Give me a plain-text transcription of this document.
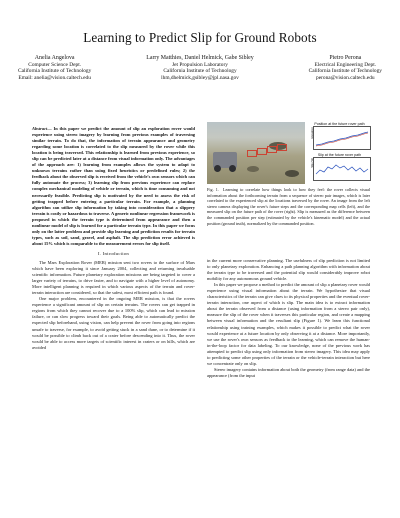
Learning to Predict Slip for Ground Robots
Anelia Angelova
Computer Science Dept.
California Institute of Technology
Email: anelia@vision.caltech.edu
Larry Matthies, Daniel Helmick, Gabe Sibley
Jet Propulsion Laboratory
California Institute of Technology
lhm,dhelmick,gsibley@jpl.nasa.gov
Pietro Perona
Electrical Engineering Dept.
California Institute of Technology
perona@vision.caltech.edu

Abstract— In this paper we predict the amount of slip an exploration rover would experience using stereo imagery by learning from previous examples of traversing similar terrain. To do that, the information of terrain appearance and geometry regarding some location is correlated to the slip measured by the rover while this location is being traversed. This relationship is learned from previous experience, so slip can be predicted later at a distance from visual information only. The advantages of the approach are: 1) learning from examples allows the system to adapt to unknown terrains rather than using fixed heuristics or predefined rules; 2) the feedback about the observed slip is received from the vehicle's own sensors which can fully automate the process; 3) learning slip from previous experience can replace complex mechanical modeling of vehicle or terrain, which is time consuming and not necessarily feasible. Predicting slip is motivated by the need to assess the risk of getting trapped before entering a particular terrain. For example, a planning algorithm can utilize slip information by taking into consideration that a slippery terrain is costly or hazardous to traverse. A generic nonlinear regression framework is proposed in which the terrain type is determined from appearance and then a nonlinear model of slip is learned for a particular terrain type. In this paper we focus only on the latter problem and provide slip learning and prediction results for terrain types, such as soil, sand, gravel, and asphalt. The slip prediction error achieved is about 15% which is comparable to the measurement errors for slip itself.

I. Introduction

The Mars Exploration Rover (MER) mission sent two rovers to the surface of Mars which have been exploring it since January 2004, collecting and returning invaluable scientific information. Future planetary exploration missions are being targeted to cover a larger variety of terrains, to drive faster, and to navigate with a higher level of autonomy. More intelligent planning is required in which various aspects of the terrain and rover-terrain interaction are considered, so that the safest, most efficient path is found.

One major problem, encountered in the ongoing MER mission, is that the rovers experience a significant amount of slip on certain terrains. The rovers can get trapped in regions from which they cannot recover due to a 100% slip, which can lead to mission failure, or can slow progress toward their goals. Being able to automatically predict the expected slip beforehand, using vision, can help prevent the rover from going into regions unsafe to traverse, for example, to avoid getting stuck in a sand dune, or to determine if it would be possible to climb back out of a crater before descending into it. Thus, the rover would be able to access more targets of scientific interest in craters or on hills, which are avoided

Position at the future rover path
Elevation
Slip at the future rover path
Slip (%)
Fig. 1. Learning to correlate how things look to how they feel: the rover collects visual information about the forthcoming terrain from a sequence of stereo pair images, which is later correlated to the experienced slip at the locations traversed by the rover. An image from the left stereo camera displaying the rover's future steps and the corresponding map cells (left), and the measured slip on the future path of the rover (right). Slip is measured as the difference between the commanded position per step (estimated by the vehicle's kinematic model) and the actual position (ground truth), normalized by the commanded position.

in the current more conservative planning. The usefulness of slip prediction is not limited to only planetary exploration. Enhancing a path planning algorithm with information about the terrain type to be traversed and the potential slip would considerably improve robot mobility for any autonomous ground vehicle.

In this paper we propose a method to predict the amount of slip a planetary rover would experience using visual information about the terrain. We hypothesize that visual characteristics of the terrain can give clues to its physical properties and the eventual rover-terrain interaction, one aspect of which is slip. The main idea is to extract information about the terrain observed from a distance (using information from a stereo pair only), measure the slip of the rover when it traverses this particular region, and create a mapping between visual information and the resultant slip (Figure 1). We learn this functional relationship using training examples, which makes it possible to predict what the rover would experience at a future location by only observing it at a distance. More importantly, we use the rover's own sensors as feedback to the learning, which can remove the human-in-the-loop factor for data labeling. To our knowledge, none of the previous work has attempted to predict slip using only information from stereo imagery. This idea may apply to predicting some other properties of the terrain or the vehicle-terrain interaction but here we concentrate only on slip.

Stereo imagery contains information about both the geometry (from range data) and the appearance (from the input
